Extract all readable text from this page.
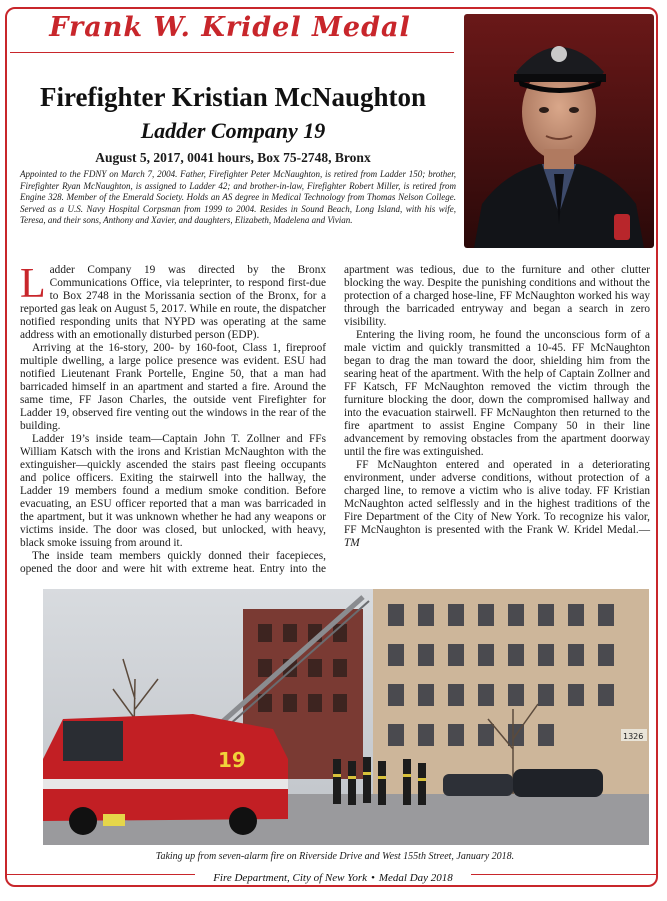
Frank W. Kridel Medal
Firefighter Kristian McNaughton
Ladder Company 19
August 5, 2017, 0041 hours, Box 75-2748, Bronx
Appointed to the FDNY on March 7, 2004. Father, Firefighter Peter McNaughton, is retired from Ladder 150; brother, Firefighter Ryan McNaughton, is assigned to Ladder 42; and brother-in-law, Firefighter Robert Miller, is retired from Engine 328. Member of the Emerald Society. Holds an AS degree in Medical Technology from Thomas Nelson College. Served as a U.S. Navy Hospital Corpsman from 1999 to 2004. Resides in Sound Beach, Long Island, with his wife, Teresa, and their sons, Anthony and Xavier, and daughters, Elizabeth, Madelena and Vivian.

Ladder Company 19 was directed by the Bronx Communications Office, via teleprinter, to respond first-due to Box 2748 in the Morissania section of the Bronx, for a reported gas leak on August 5, 2017. While en route, the dispatcher notified responding units that NYPD was operating at the same address with an emotionally disturbed person (EDP).

Arriving at the 16-story, 200- by 160-foot, Class 1, fireproof multiple dwelling, a large police presence was evident. ESU had notified Lieutenant Frank Portelle, Engine 50, that a man had barricaded himself in an apartment and started a fire. Around the same time, FF Jason Charles, the outside vent Firefighter for Ladder 19, observed fire venting out the windows in the rear of the building.

Ladder 19’s inside team—Captain John T. Zollner and FFs William Katsch with the irons and Kristian McNaughton with the extinguisher—quickly ascended the stairs past fleeing occupants and police officers. Exiting the stairwell into the hallway, the Ladder 19 members found a medium smoke condition. Before evacuating, an ESU officer reported that a man was barricaded in the apartment, but it was unknown whether he had any weapons or victims inside. The door was closed, but unlocked, with heavy, black smoke issuing from around it.

The inside team members quickly donned their facepieces, opened the door and were hit with extreme heat. Entry into the apartment was tedious, due to the furniture and other clutter blocking the way. Despite the punishing conditions and without the protection of a charged hose-line, FF McNaughton worked his way through the barricaded entryway and began a search in zero visibility.

Entering the living room, he found the unconscious form of a male victim and quickly transmitted a 10-45. FF McNaughton began to drag the man toward the door, shielding him from the searing heat of the apartment. With the help of Captain Zollner and FF Katsch, FF McNaughton removed the victim through the furniture blocking the door, down the compromised hallway and into the evacuation stairwell. FF McNaughton then returned to the fire apartment to assist Engine Company 50 in their line advancement by removing obstacles from the apartment doorway until the fire was extinguished.

FF McNaughton entered and operated in a deteriorating environment, under adverse conditions, without protection of a charged line, to remove a victim who is alive today. FF Kristian McNaughton acted selflessly and in the highest traditions of the Fire Department of the City of New York. To recognize his valor, FF McNaughton is presented with the Frank W. Kridel Medal.—TM

19
1326
Taking up from seven-alarm fire on Riverside Drive and West 155th Street, January 2018.
Fire Department, City of New York • Medal Day 2018
